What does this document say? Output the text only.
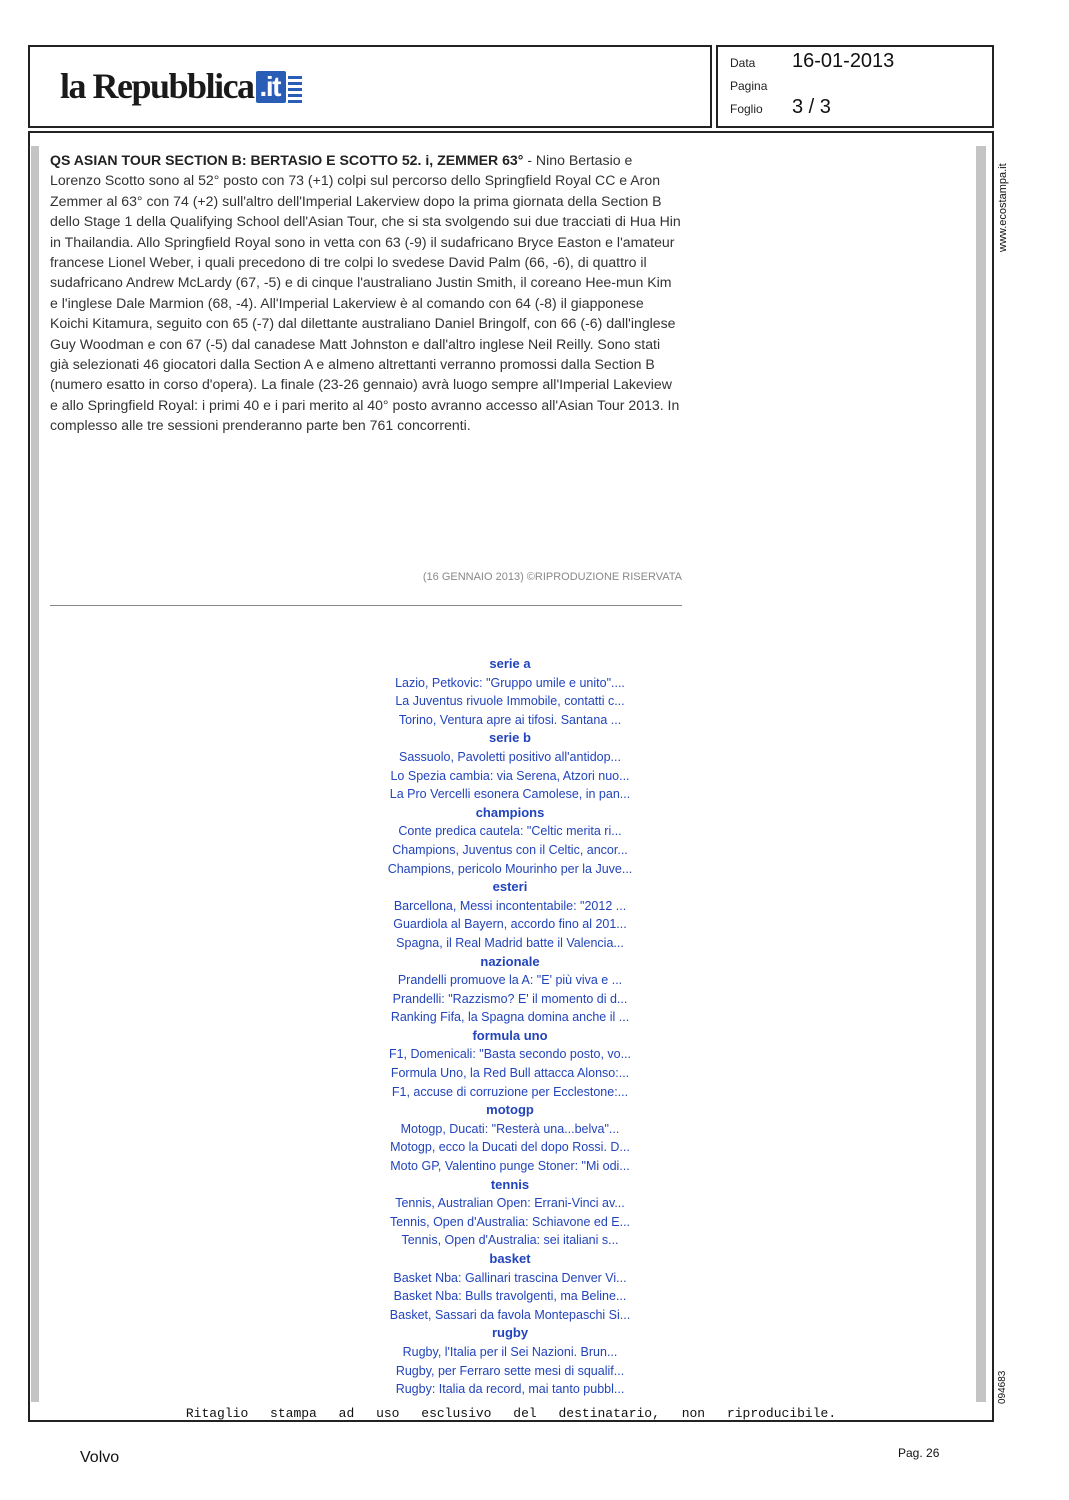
la Repubblica .it
Data 16-01-2013
Pagina
Foglio 3 / 3
QS ASIAN TOUR SECTION B: BERTASIO E SCOTTO 52. i, ZEMMER 63° - Nino Bertasio e Lorenzo Scotto sono al 52° posto con 73 (+1) colpi sul percorso dello Springfield Royal CC e Aron Zemmer al 63° con 74 (+2) sull'altro dell'Imperial Lakerview dopo la prima giornata della Section B dello Stage 1 della Qualifying School dell'Asian Tour, che si sta svolgendo sui due tracciati di Hua Hin in Thailandia. Allo Springfield Royal sono in vetta con 63 (-9) il sudafricano Bryce Easton e l'amateur francese Lionel Weber, i quali precedono di tre colpi lo svedese David Palm (66, -6), di quattro il sudafricano Andrew McLardy (67, -5) e di cinque l'australiano Justin Smith, il coreano Hee-mun Kim e l'inglese Dale Marmion (68, -4). All'Imperial Lakerview è al comando con 64 (-8) il giapponese Koichi Kitamura, seguito con 65 (-7) dal dilettante australiano Daniel Bringolf, con 66 (-6) dall'inglese Guy Woodman e con 67 (-5) dal canadese Matt Johnston e dall'altro inglese Neil Reilly. Sono stati già selezionati 46 giocatori dalla Section A e almeno altrettanti verranno promossi dalla Section B (numero esatto in corso d'opera). La finale (23-26 gennaio) avrà luogo sempre all'Imperial Lakeview e allo Springfield Royal: i primi 40 e i pari merito al 40° posto avranno accesso all'Asian Tour 2013. In complesso alle tre sessioni prenderanno parte ben 761 concorrenti.
(16 GENNAIO 2013) ©RIPRODUZIONE RISERVATA
serie a
Lazio, Petkovic: "Gruppo umile e unito"....
La Juventus rivuole Immobile, contatti c...
Torino, Ventura apre ai tifosi. Santana ...
serie b
Sassuolo, Pavoletti positivo all'antidop...
Lo Spezia cambia: via Serena, Atzori nuo...
La Pro Vercelli esonera Camolese, in pan...
champions
Conte predica cautela: "Celtic merita ri...
Champions, Juventus con il Celtic, ancor...
Champions, pericolo Mourinho per la Juve...
esteri
Barcellona, Messi incontentabile: "2012 ...
Guardiola al Bayern, accordo fino al 201...
Spagna, il Real Madrid batte il Valencia...
nazionale
Prandelli promuove la A: "E' più viva e ...
Prandelli: "Razzismo? E' il momento di d...
Ranking Fifa, la Spagna domina anche il ...
formula uno
F1, Domenicali: "Basta secondo posto, vo...
Formula Uno, la Red Bull attacca Alonso:...
F1, accuse di corruzione per Ecclestone:...
motogp
Motogp, Ducati: "Resterà una...belva"...
Motogp, ecco la Ducati del dopo Rossi. D...
Moto GP, Valentino punge Stoner: "Mi odi...
tennis
Tennis, Australian Open: Errani-Vinci av...
Tennis, Open d'Australia: Schiavone ed E...
Tennis, Open d'Australia: sei italiani s...
basket
Basket Nba: Gallinari trascina Denver Vi...
Basket Nba: Bulls travolgenti, ma Beline...
Basket, Sassari da favola Montepaschi Si...
rugby
Rugby, l'Italia per il Sei Nazioni. Brun...
Rugby, per Ferraro sette mesi di squalif...
Rugby: Italia da record, mai tanto pubbl...
www.ecostampa.it
094683
Ritaglio stampa ad uso esclusivo del destinatario, non riproducibile.
Volvo	Pag. 26
